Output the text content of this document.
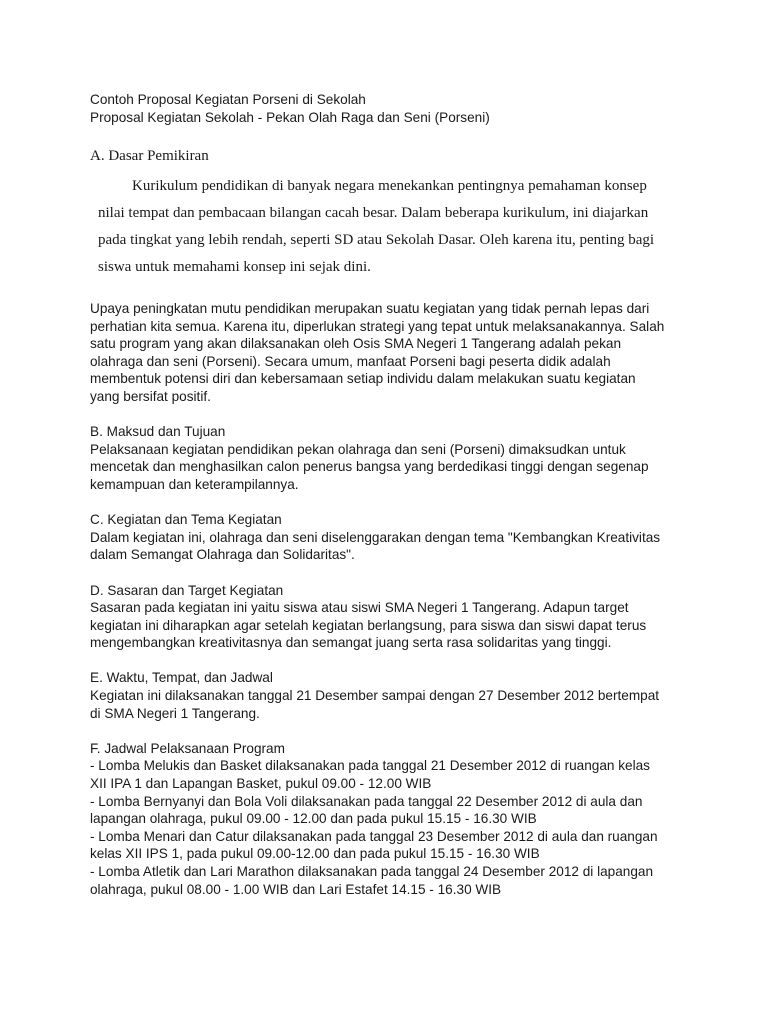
Contoh Proposal Kegiatan Porseni di Sekolah
Proposal Kegiatan Sekolah - Pekan Olah Raga dan Seni (Porseni)
A. Dasar Pemikiran
Kurikulum pendidikan di banyak negara menekankan pentingnya pemahaman konsep
nilai tempat dan pembacaan bilangan cacah besar. Dalam beberapa kurikulum, ini diajarkan
pada tingkat yang lebih rendah, seperti SD atau Sekolah Dasar. Oleh karena itu, penting bagi
siswa untuk memahami konsep ini sejak dini.
Upaya peningkatan mutu pendidikan merupakan suatu kegiatan yang tidak pernah lepas dari
perhatian kita semua. Karena itu, diperlukan strategi yang tepat untuk melaksanakannya. Salah
satu program yang akan dilaksanakan oleh Osis SMA Negeri 1 Tangerang adalah pekan
olahraga dan seni (Porseni). Secara umum, manfaat Porseni bagi peserta didik adalah
membentuk potensi diri dan kebersamaan setiap individu dalam melakukan suatu kegiatan
yang bersifat positif.
B. Maksud dan Tujuan
Pelaksanaan kegiatan pendidikan pekan olahraga dan seni (Porseni) dimaksudkan untuk
mencetak dan menghasilkan calon penerus bangsa yang berdedikasi tinggi dengan segenap
kemampuan dan keterampilannya.
C. Kegiatan dan Tema Kegiatan
Dalam kegiatan ini, olahraga dan seni diselenggarakan dengan tema "Kembangkan Kreativitas
dalam Semangat Olahraga dan Solidaritas".
D. Sasaran dan Target Kegiatan
Sasaran pada kegiatan ini yaitu siswa atau siswi SMA Negeri 1 Tangerang. Adapun target
kegiatan ini diharapkan agar setelah kegiatan berlangsung, para siswa dan siswi dapat terus
mengembangkan kreativitasnya dan semangat juang serta rasa solidaritas yang tinggi.
E. Waktu, Tempat, dan Jadwal
Kegiatan ini dilaksanakan tanggal 21 Desember sampai dengan 27 Desember 2012 bertempat
di SMA Negeri 1 Tangerang.
F. Jadwal Pelaksanaan Program
- Lomba Melukis dan Basket dilaksanakan pada tanggal 21 Desember 2012 di ruangan kelas
XII IPA 1 dan Lapangan Basket, pukul 09.00 - 12.00 WIB
- Lomba Bernyanyi dan Bola Voli dilaksanakan pada tanggal 22 Desember 2012 di aula dan
lapangan olahraga, pukul 09.00 - 12.00 dan pada pukul 15.15 - 16.30 WIB
- Lomba Menari dan Catur dilaksanakan pada tanggal 23 Desember 2012 di aula dan ruangan
kelas XII IPS 1, pada pukul 09.00-12.00 dan pada pukul 15.15 - 16.30 WIB
- Lomba Atletik dan Lari Marathon dilaksanakan pada tanggal 24 Desember 2012 di lapangan
olahraga, pukul 08.00 - 1.00 WIB dan Lari Estafet 14.15 - 16.30 WIB
